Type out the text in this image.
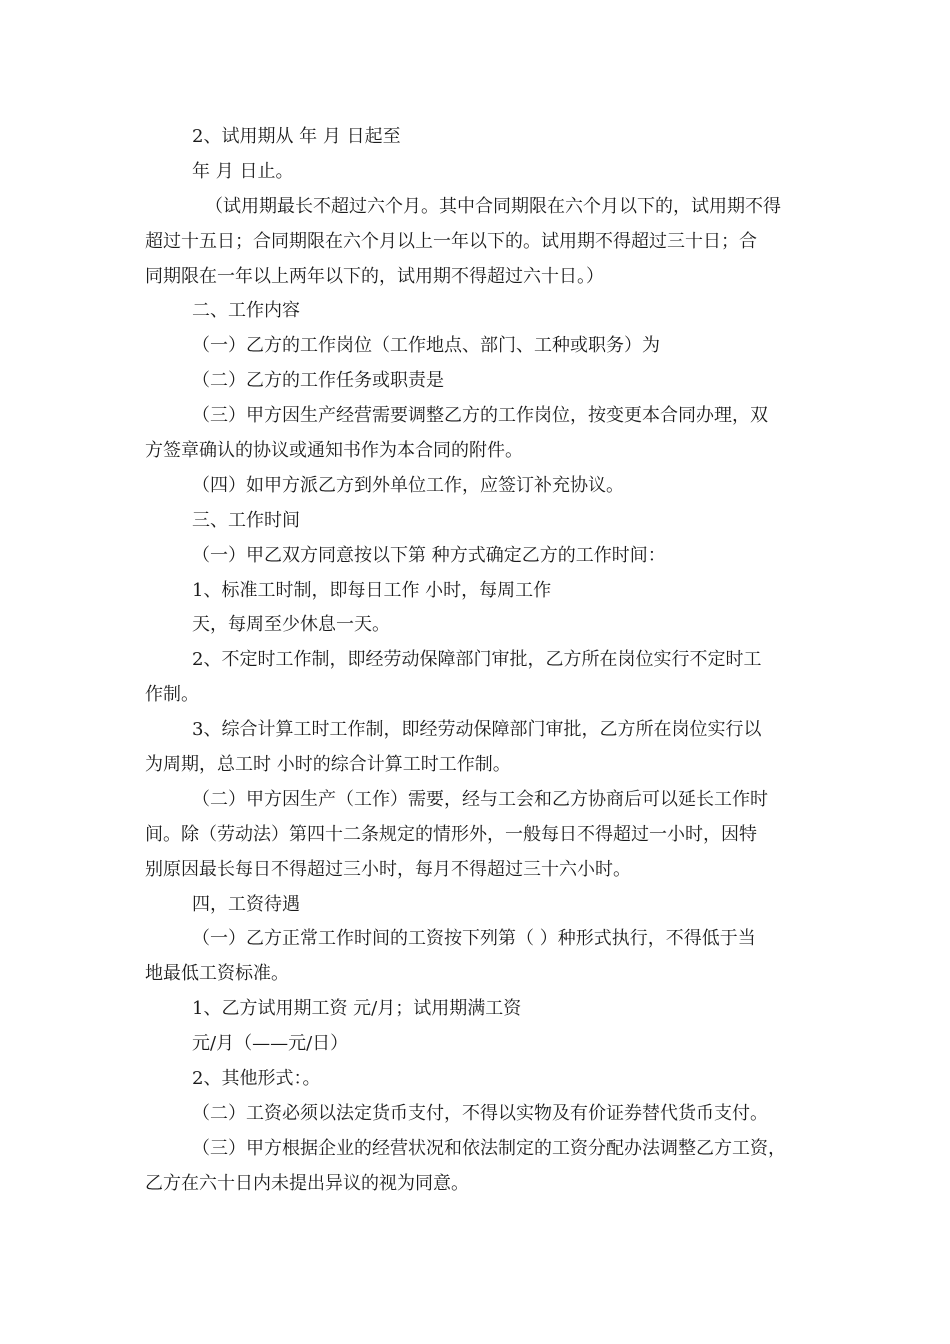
2、试用期从 年 月 日起至
年 月 日止。
（试用期最长不超过六个月。其中合同期限在六个月以下的，试用期不得
超过十五日；合同期限在六个月以上一年以下的。试用期不得超过三十日；合
同期限在一年以上两年以下的，试用期不得超过六十日。）
二、工作内容
（一）乙方的工作岗位（工作地点、部门、工种或职务）为
（二）乙方的工作任务或职责是
（三）甲方因生产经营需要调整乙方的工作岗位，按变更本合同办理，双
方签章确认的协议或通知书作为本合同的附件。
（四）如甲方派乙方到外单位工作，应签订补充协议。
三、工作时间
（一）甲乙双方同意按以下第 种方式确定乙方的工作时间：
1、标准工时制，即每日工作 小时，每周工作
天，每周至少休息一天。
2、不定时工作制，即经劳动保障部门审批，乙方所在岗位实行不定时工
作制。
3、综合计算工时工作制，即经劳动保障部门审批，乙方所在岗位实行以
为周期，总工时 小时的综合计算工时工作制。
（二）甲方因生产（工作）需要，经与工会和乙方协商后可以延长工作时
间。除（劳动法）第四十二条规定的情形外，一般每日不得超过一小时，因特
别原因最长每日不得超过三小时，每月不得超过三十六小时。
四，工资待遇
（一）乙方正常工作时间的工资按下列第（ ）种形式执行，不得低于当
地最低工资标准。
1、乙方试用期工资 元/月；试用期满工资
元/月（——元/日）
2、其他形式：。
（二）工资必须以法定货币支付，不得以实物及有价证券替代货币支付。
（三）甲方根据企业的经营状况和依法制定的工资分配办法调整乙方工资，
乙方在六十日内未提出异议的视为同意。
